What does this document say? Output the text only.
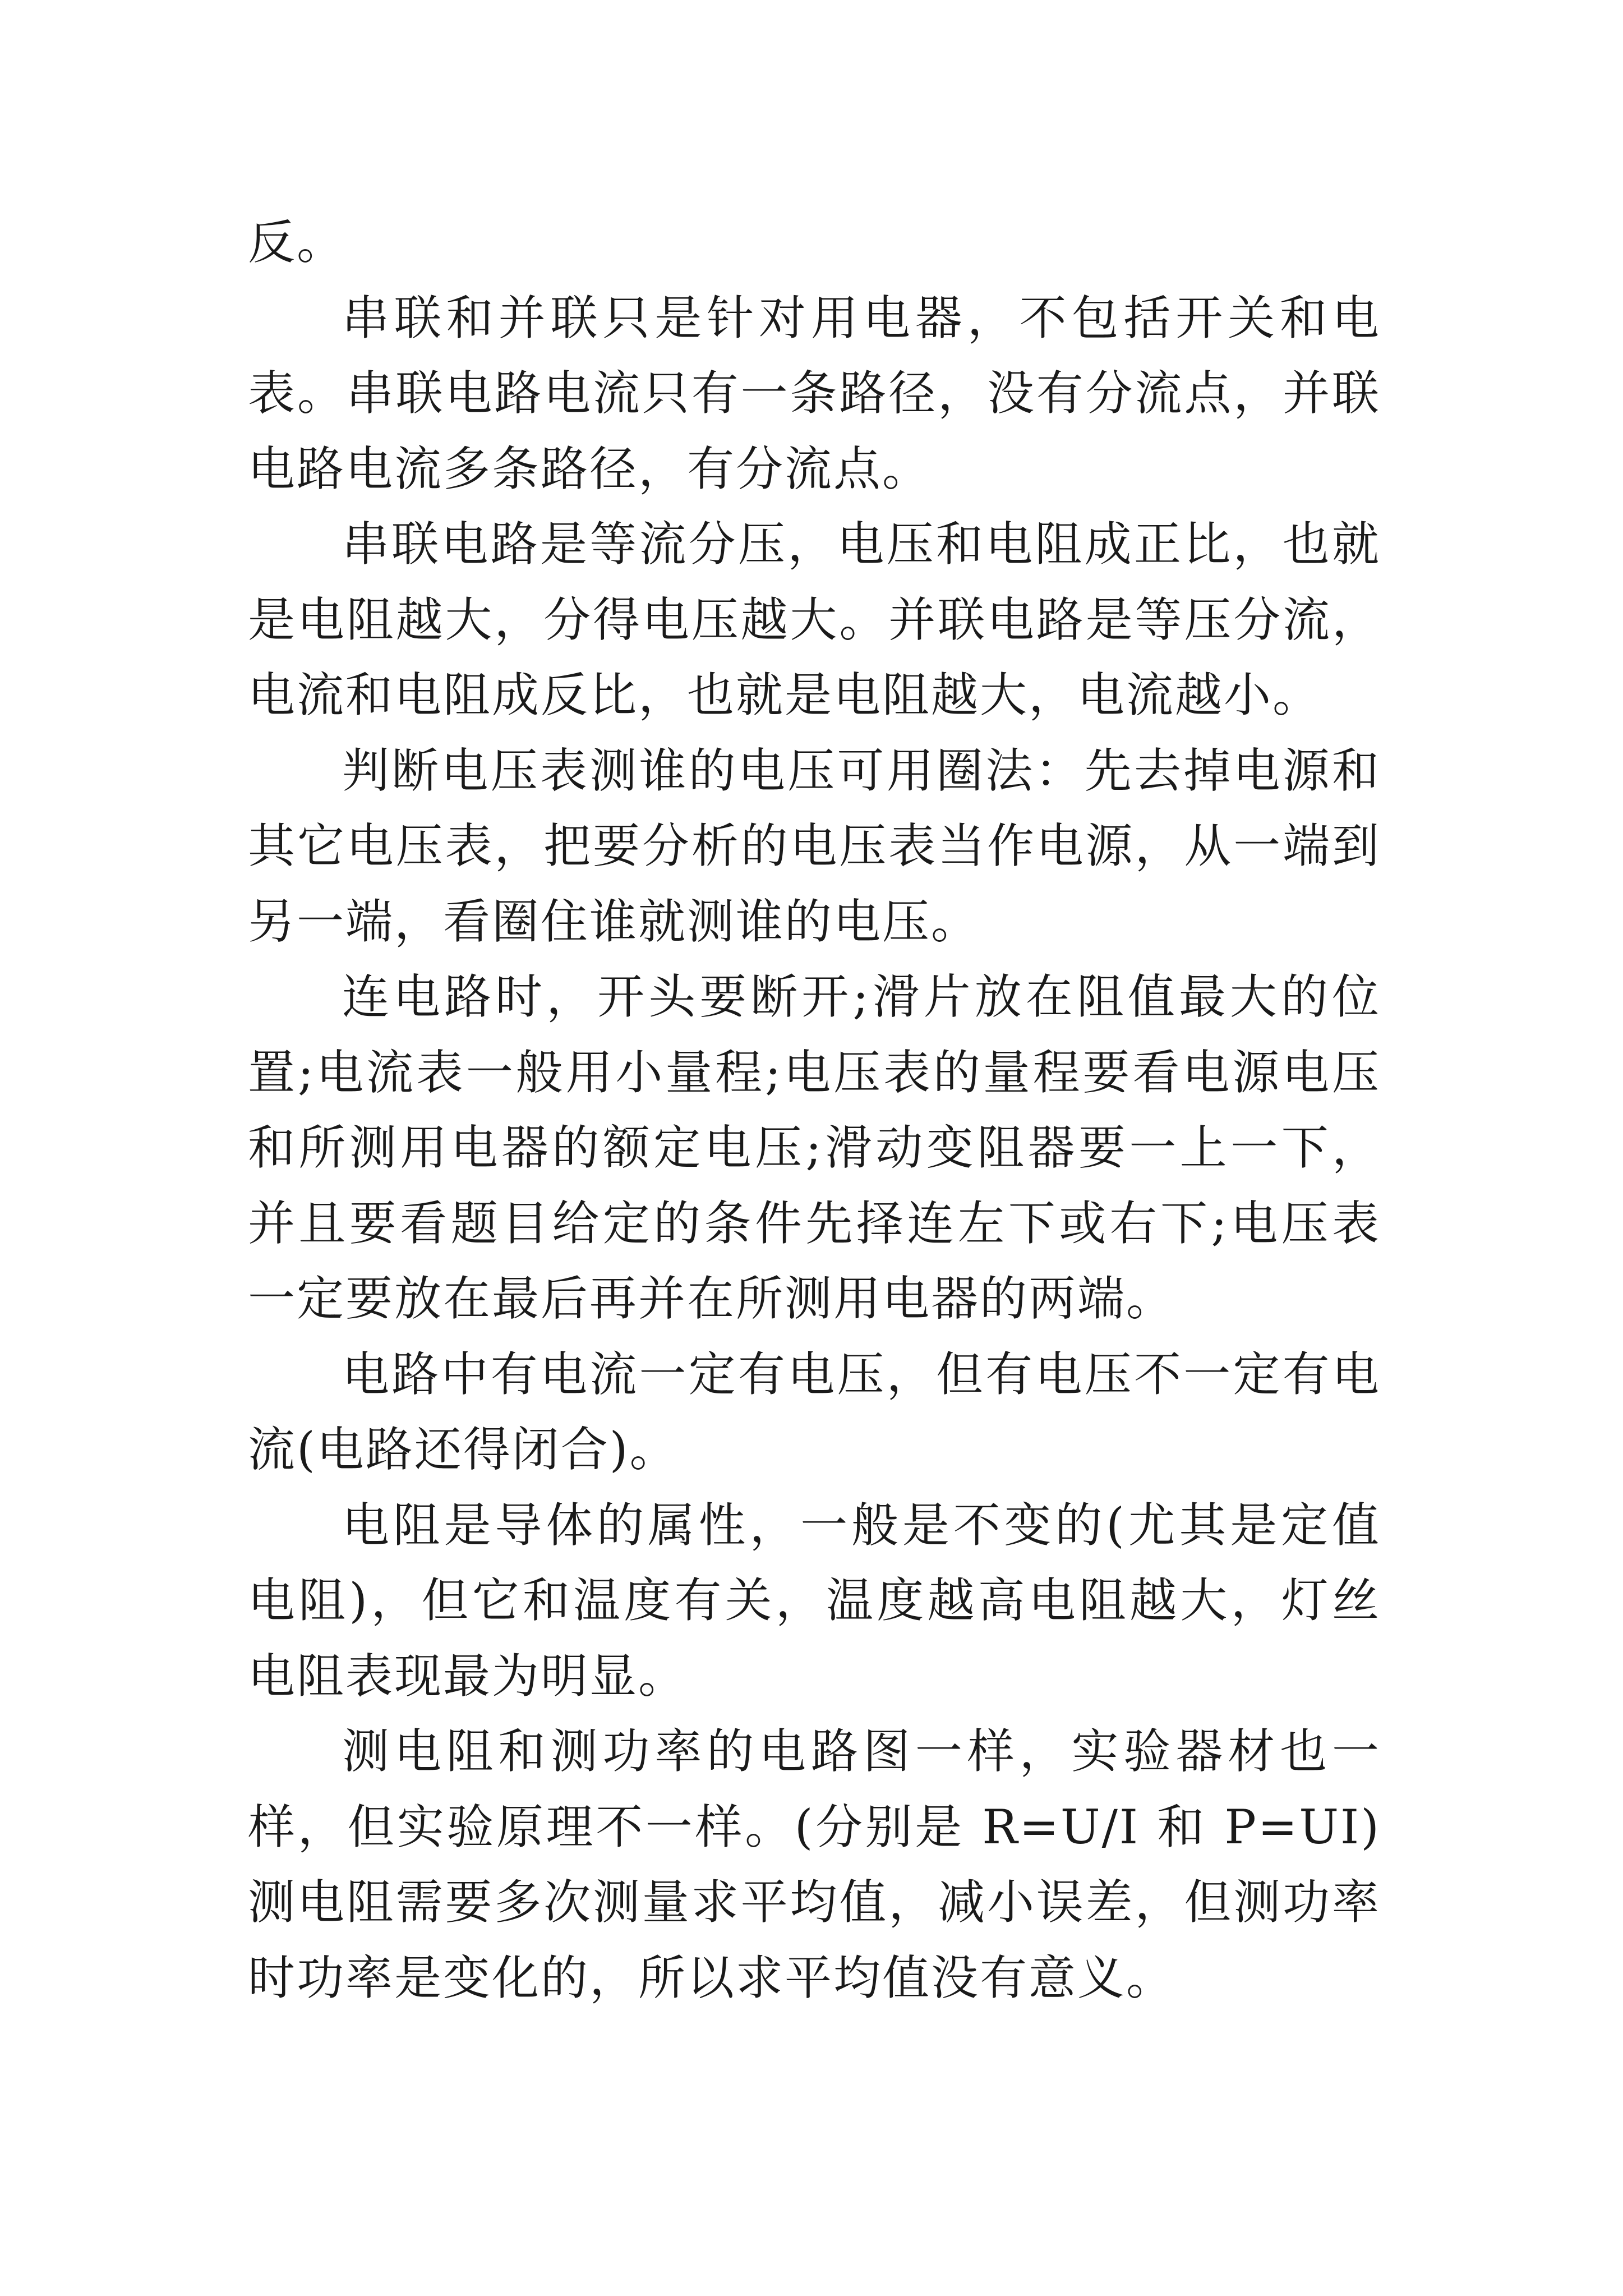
反。

串联和并联只是针对用电器，不包括开关和电表。串联电路电流只有一条路径，没有分流点，并联电路电流多条路径，有分流点。

串联电路是等流分压，电压和电阻成正比，也就是电阻越大，分得电压越大。并联电路是等压分流，电流和电阻成反比，也就是电阻越大，电流越小。

判断电压表测谁的电压可用圈法：先去掉电源和其它电压表，把要分析的电压表当作电源，从一端到另一端，看圈住谁就测谁的电压。

连电路时，开头要断开;滑片放在阻值最大的位置;电流表一般用小量程;电压表的量程要看电源电压和所测用电器的额定电压;滑动变阻器要一上一下，并且要看题目给定的条件先择连左下或右下;电压表一定要放在最后再并在所测用电器的两端。

电路中有电流一定有电压，但有电压不一定有电流(电路还得闭合)。

电阻是导体的属性，一般是不变的(尤其是定值电阻)，但它和温度有关，温度越高电阻越大，灯丝电阻表现最为明显。

测电阻和测功率的电路图一样，实验器材也一样，但实验原理不一样。(分别是 R=U/I 和 P=UI)测电阻需要多次测量求平均值，减小误差，但测功率时功率是变化的，所以求平均值没有意义。
